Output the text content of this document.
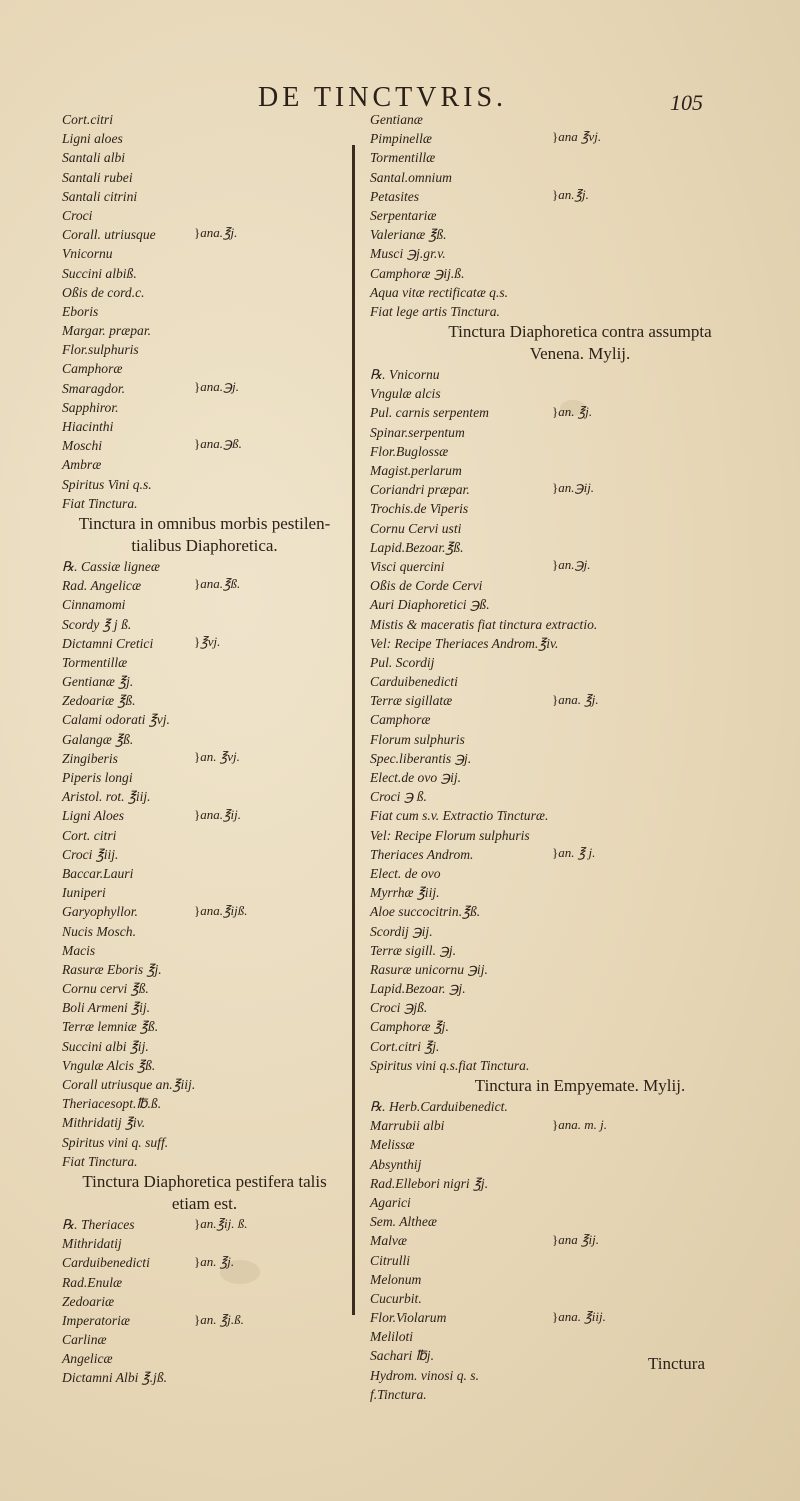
DE TINCTVRIS.	105
Cort.citri
Ligni aloes
Santali albi
Santali rubei
Santali citrini
Croci
Corall. utriusque
Vnicornu
Succini albiß.
Oßis de cord.c.
Eboris
Margar. præpar.
Flor.sulphuris
Camphoræ
Smaragdor.
Sapphiror.
Hiacinthi
Moschi
Ambræ
Spiritus Vini q.s.
Fiat Tinctura.
Tinctura in omnibus morbis pestilen-
tialibus Diaphoretica.
℞. Cassiæ ligneæ
Rad. Angelicæ
Cinnamomi
Scordy ℥ j ß.
Dictamni Cretici
Tormentillæ
Gentianæ ℥j.
Zedoariæ ℥ß.
Calami odorati ℥vj.
Galangæ ℥ß.
Zingiberis
Piperis longi
Aristol. rot. ℥iij.
Ligni Aloes
Cort. citri
Croci ℥iij.
Baccar.Lauri
Iuniperi
Garyophyllor.
Nucis Mosch.
Macis
Rasuræ Eboris ℥j.
Cornu cervi ℥ß.
Boli Armeni ℥ij.
Terræ lemniæ ℥ß.
Succini albi ℥ij.
Vngulæ Alcis ℥ß.
Corall utriusque an.℥iij.
Theriacesopt.℔.ß.
Mithridatij ℥iv.
Spiritus vini q. suff.
Fiat Tinctura.
Tinctura Diaphoretica pestifera talis
etiam est.
℞. Theriaces
Mithridatij
Carduibenedicti
Rad.Enulæ
Zedoariæ
Imperatoriæ
Carlinæ
Angelicæ
Dictamni Albi ℥.jß.
}ana.℥j.
}ana.℈j.
}ana.℈ß.
}ana.℥ß.
}℥vj.
}an. ℥vj.
}ana.℥ij.
}ana.℥ijß.
}an.℥ij. ß.
}an. ℥j.
}an. ℥j.ß.
Gentianæ
Pimpinellæ
Tormentillæ
Santal.omnium
Petasites
Serpentariæ
Valerianæ ℥ß.
Musci ℈j.gr.v.
Camphoræ ℈ij.ß.
Aqua vitæ rectificatæ q.s.
Fiat lege artis Tinctura.
Tinctura Diaphoretica contra assumpta
Venena. Mylij.
℞. Vnicornu
Vngulæ alcis
Pul. carnis serpentem
Spinar.serpentum
Flor.Buglossæ
Magist.perlarum
Coriandri præpar.
Trochis.de Viperis
Cornu Cervi usti
Lapid.Bezoar.℥ß.
Visci quercini
Oßis de Corde Cervi
Auri Diaphoretici ℈ß.
Mistis & maceratis fiat tinctura extractio.
Vel: Recipe Theriaces Androm.℥iv.
Pul. Scordij
Carduibenedicti
Terræ sigillatæ
Camphoræ
Florum sulphuris
Spec.liberantis ℈j.
Elect.de ovo ℈ij.
Croci ℈ ß.
Fiat cum s.v. Extractio Tincturæ.
Vel: Recipe Florum sulphuris
Theriaces Androm.
Elect. de ovo
Myrrhæ ℥iij.
Aloe succocitrin.℥ß.
Scordij ℈ij.
Terræ sigill. ℈j.
Rasuræ unicornu ℈ij.
Lapid.Bezoar. ℈j.
Croci ℈jß.
Camphoræ ℥j.
Cort.citri ℥j.
Spiritus vini q.s.fiat Tinctura.
Tinctura in Empyemate. Mylij.
℞. Herb.Carduibenedict.
Marrubii albi
Melissæ
Absynthij
Rad.Ellebori nigri ℥j.
Agarici
Sem. Altheæ
Malvæ
Citrulli
Melonum
Cucurbit.
Flor.Violarum
Meliloti
Sachari ℔j.
Hydrom. vinosi q. s.
f.Tinctura.
}ana ℥vj.
}an.℥j.
}an. ℥j.
}an.℈ij.
}an.℈j.
}ana. ℥j.
}an. ℥ j.
}ana. m. j.
}ana ℥ij.
}ana. ℥iij.
Tinctura
